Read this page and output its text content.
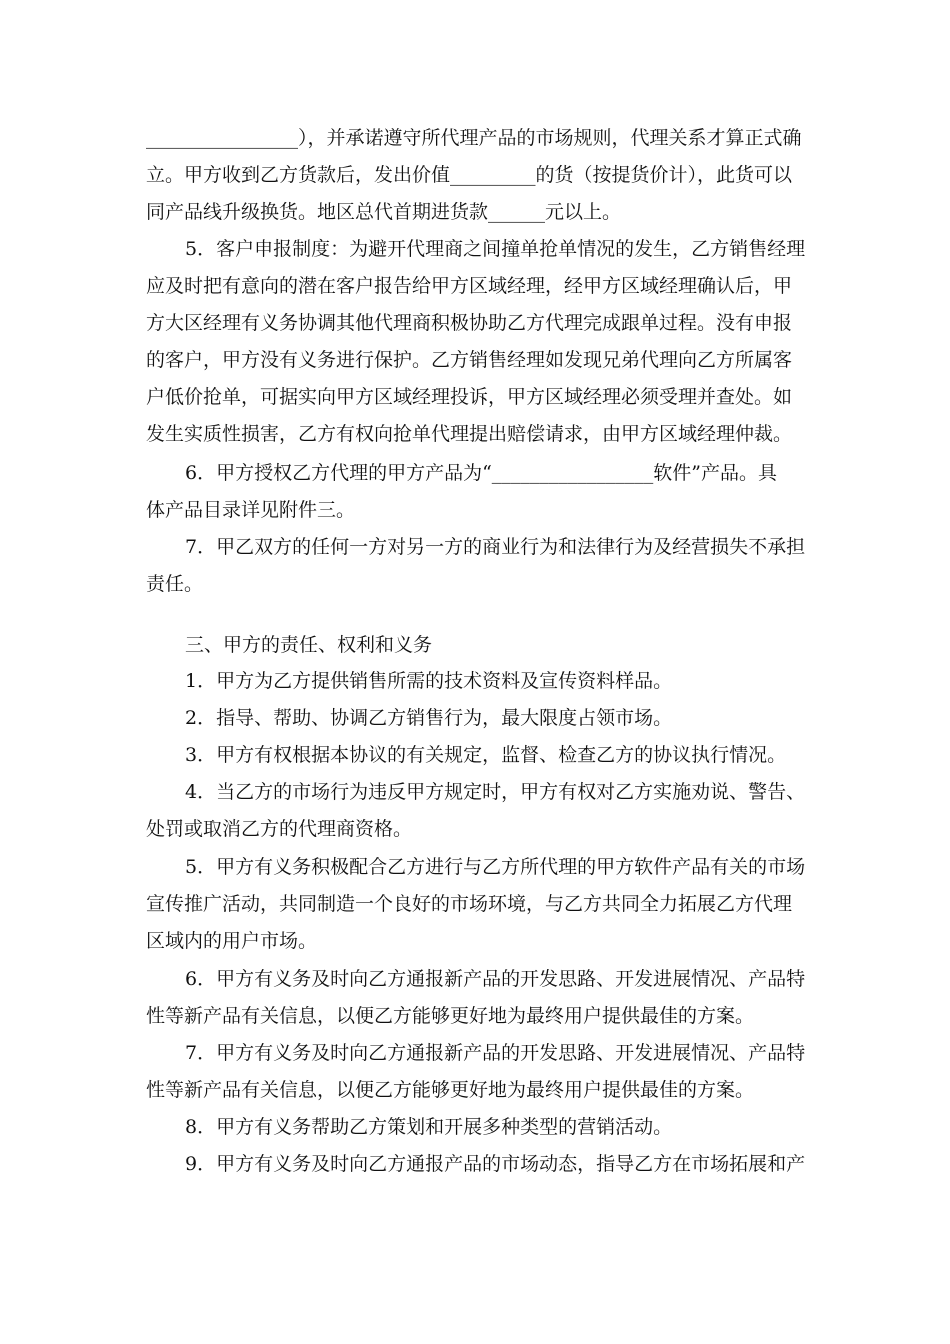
________________），并承诺遵守所代理产品的市场规则，代理关系才算正式确
立。甲方收到乙方货款后，发出价值_________的货（按提货价计），此货可以
同产品线升级换货。地区总代首期进货款______元以上。
5．客户申报制度：为避开代理商之间撞单抢单情况的发生，乙方销售经理
应及时把有意向的潜在客户报告给甲方区域经理，经甲方区域经理确认后，甲
方大区经理有义务协调其他代理商积极协助乙方代理完成跟单过程。没有申报
的客户，甲方没有义务进行保护。乙方销售经理如发现兄弟代理向乙方所属客
户低价抢单，可据实向甲方区域经理投诉，甲方区域经理必须受理并查处。如
发生实质性损害，乙方有权向抢单代理提出赔偿请求，由甲方区域经理仲裁。
6．甲方授权乙方代理的甲方产品为“_________________软件”产品。具
体产品目录详见附件三。
7．甲乙双方的任何一方对另一方的商业行为和法律行为及经营损失不承担
责任。
三、甲方的责任、权利和义务
1．甲方为乙方提供销售所需的技术资料及宣传资料样品。
2．指导、帮助、协调乙方销售行为，最大限度占领市场。
3．甲方有权根据本协议的有关规定，监督、检查乙方的协议执行情况。
4．当乙方的市场行为违反甲方规定时，甲方有权对乙方实施劝说、警告、
处罚或取消乙方的代理商资格。
5．甲方有义务积极配合乙方进行与乙方所代理的甲方软件产品有关的市场
宣传推广活动，共同制造一个良好的市场环境，与乙方共同全力拓展乙方代理
区域内的用户市场。
6．甲方有义务及时向乙方通报新产品的开发思路、开发进展情况、产品特
性等新产品有关信息，以便乙方能够更好地为最终用户提供最佳的方案。
7．甲方有义务及时向乙方通报新产品的开发思路、开发进展情况、产品特
性等新产品有关信息，以便乙方能够更好地为最终用户提供最佳的方案。
8．甲方有义务帮助乙方策划和开展多种类型的营销活动。
9．甲方有义务及时向乙方通报产品的市场动态，指导乙方在市场拓展和产
